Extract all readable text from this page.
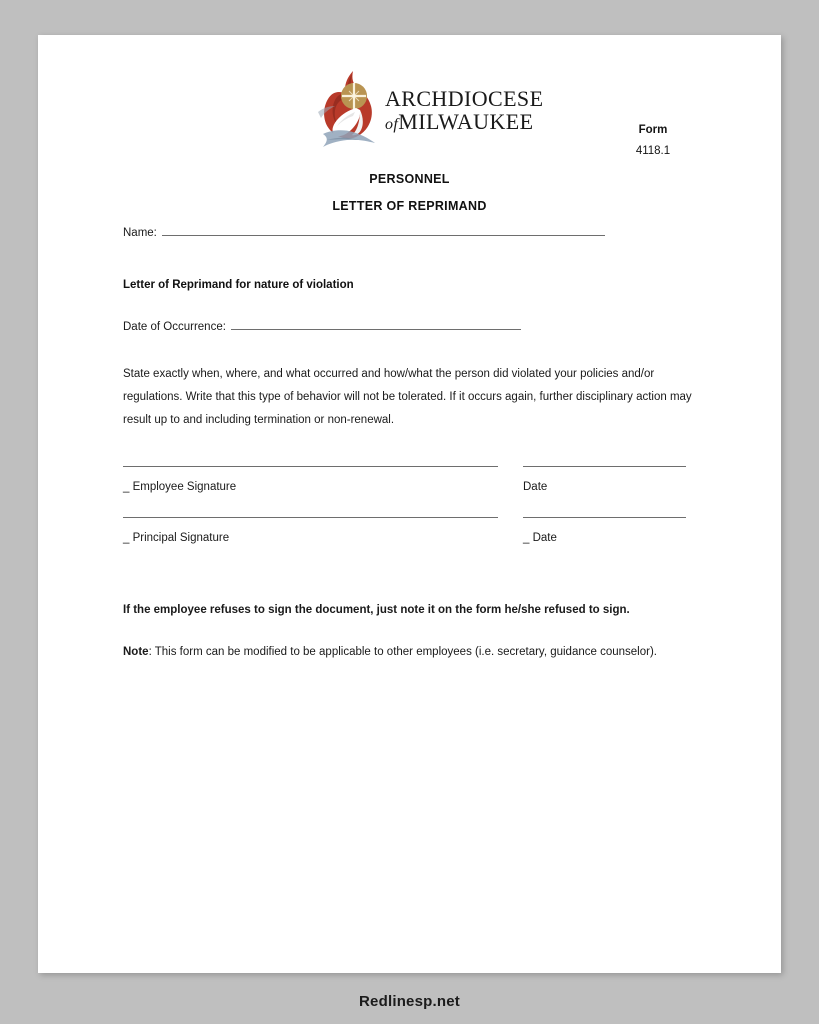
ARCHDIOCESE
ofMILWAUKEE	Form
4118.1
PERSONNEL
LETTER OF REPRIMAND
Name:
Letter of Reprimand for nature of violation
Date of Occurrence:
State exactly when, where, and what occurred and how/what the person did violated your policies and/or regulations. Write that this type of behavior will not be tolerated. If it occurs again, further disciplinary action may result up to and including termination or non-renewal.
_ Employee Signature	Date
_ Principal Signature	_ Date
If the employee refuses to sign the document, just note it on the form he/she refused to sign.
Note: This form can be modified to be applicable to other employees (i.e. secretary, guidance counselor).
Redlinesp.net
